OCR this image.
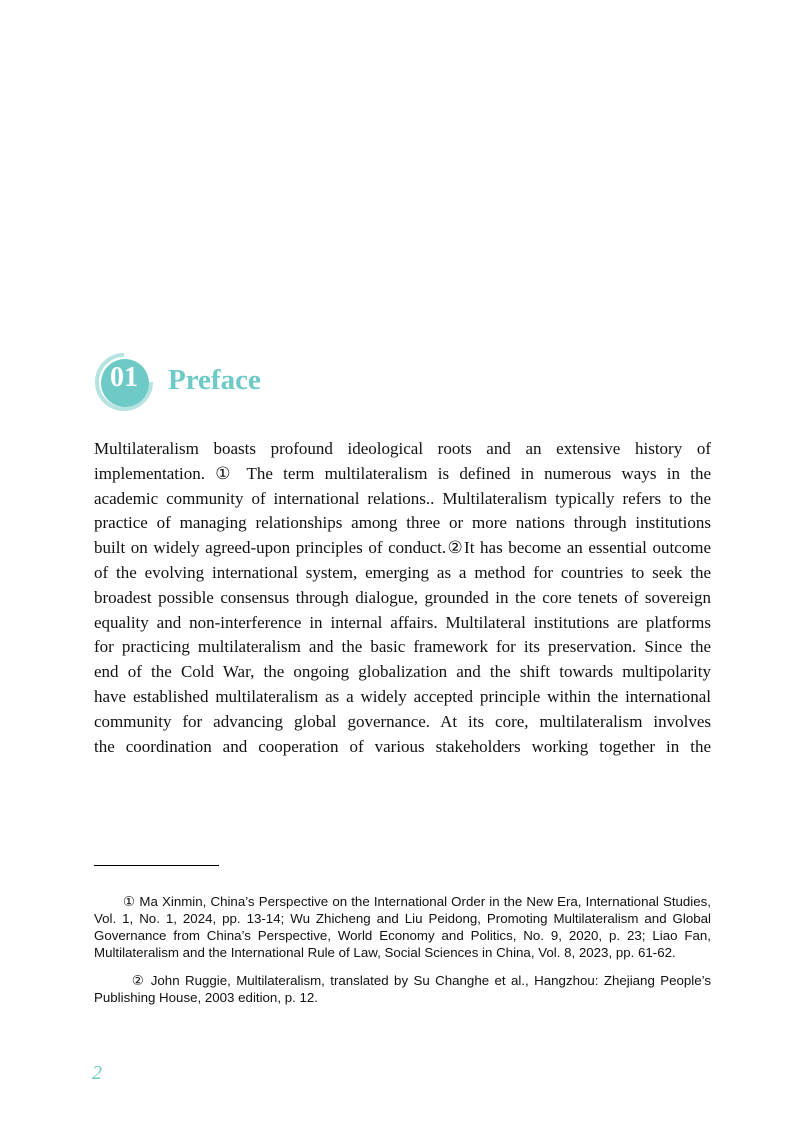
01	Preface
Multilateralism boasts profound ideological roots and an extensive history of
implementation. ① The term multilateralism is defined in numerous ways in the
academic community of international relations.. Multilateralism typically refers to the
practice of managing relationships among three or more nations through institutions
built on widely agreed-upon principles of conduct.②It has become an essential outcome
of the evolving international system, emerging as a method for countries to seek the
broadest possible consensus through dialogue, grounded in the core tenets of sovereign
equality and non-interference in internal affairs. Multilateral institutions are platforms
for practicing multilateralism and the basic framework for its preservation. Since the
end of the Cold War, the ongoing globalization and the shift towards multipolarity
have established multilateralism as a widely accepted principle within the international
community for advancing global governance. At its core, multilateralism involves
the coordination and cooperation of various stakeholders working together in the
① Ma Xinmin, China’s Perspective on the International Order in the New Era, International Studies,
Vol. 1, No. 1, 2024, pp. 13-14; Wu Zhicheng and Liu Peidong, Promoting Multilateralism and Global
Governance from China’s Perspective, World Economy and Politics, No. 9, 2020, p. 23; Liao Fan,
Multilateralism and the International Rule of Law, Social Sciences in China, Vol. 8, 2023, pp. 61-62.
② John Ruggie, Multilateralism, translated by Su Changhe et al., Hangzhou: Zhejiang People’s
Publishing House, 2003 edition, p. 12.
2
